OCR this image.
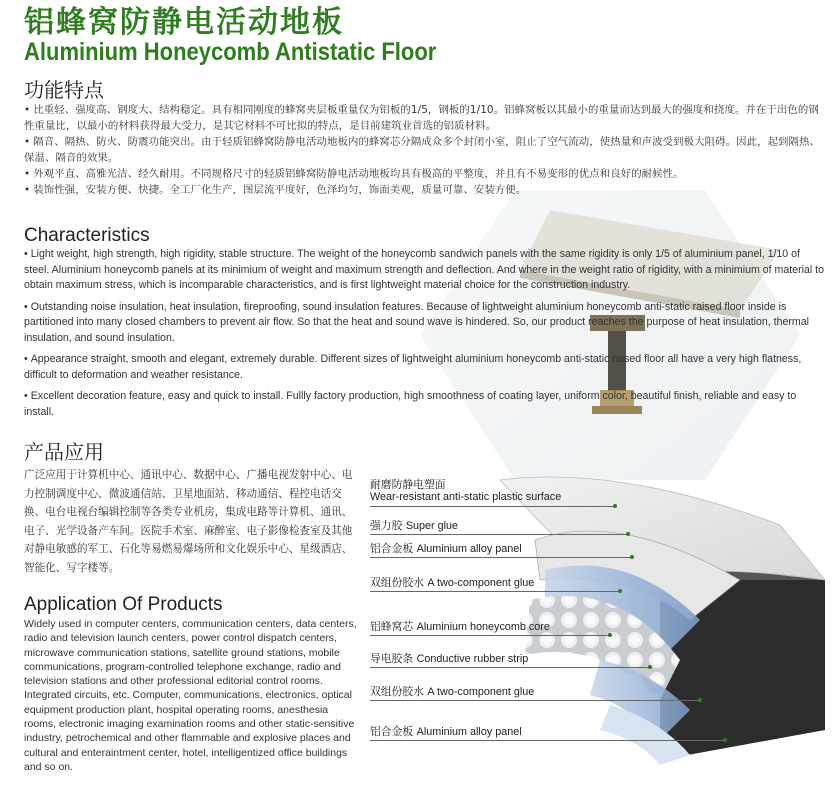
铝蜂窝防静电活动地板
Aluminium Honeycomb Antistatic Floor
功能特点
• 比重轻、强度高、钢度大、结构稳定。具有相同刚度的蜂窝夹层板重量仅为铝板的1/5，钢板的1/10。铝蜂窝板以其最小的重量而达到最大的强度和挠度。并在于出色的钢性重量比，以最小的材料获得最大受力，是其它材料不可比拟的特点，是目前建筑业首选的铝质材料。
• 隔音、隔热、防火、防震功能突出。由于轻质铝蜂窝防静电活动地板内的蜂窝芯分隔成众多个封闭小室，阻止了空气流动，使热量和声波受到极大阻碍。因此，起到隔热、保温、隔音的效果。
• 外观平直、高雅光洁、经久耐用。不同规格尺寸的轻质铝蜂窝防静电活动地板均具有极高的平整度，并且有不易变形的优点和良好的耐候性。
• 装饰性强，安装方便、快捷。全工厂化生产，图层流平度好，色泽均匀，饰面美观，质量可靠、安装方便。
Characteristics
• Light weight, high strength, high rigidity, stable structure. The weight of the honeycomb sandwich panels with the same rigidity is only 1/5 of aluminium panel, 1/10 of steel. Aluminium honeycomb panels at its minimium of weight and maximum strength and deflection. And where in the weight ratio of rigidity, with a minimium of material to obtain maximum stress, which is incomparable characteristics, and is first lightweight material choice for the construction industry.
• Outstanding noise insulation, heat insulation, fireproofing, sound insulation features. Because of lightweight aluminium honeycomb anti-static raised floor inside is partitioned into many closed chambers to prevent air flow. So that the heat and sound wave is hindered. So, our product reaches the purpose of heat insulation, thermal insulation, and sound insulation.
• Appearance straight, smooth and elegant, extremely durable. Different sizes of lightweight aluminium honeycomb anti-static raised floor all have a very high flatness, difficult to deformation and weather resistance.
• Excellent decoration feature, easy and quick to install. Fullly factory production, high smoothness of coating layer, uniform color, beautiful finish, reliable and easy to install.
产品应用

广泛应用于计算机中心、通讯中心、数据中心、广播电视发射中心、电力控制调度中心、微波通信站、卫星地面站、移动通信、程控电话交换、电台电视台编辑控制等各类专业机房，集成电路等计算机、通讯、电子、光学设备产车间。医院手术室、麻醉室、电子影像检查室及其他对静电敏感的军工、石化等易燃易爆场所和文化娱乐中心、星级酒店、智能化、写字楼等。

Application Of Products

Widely used in computer centers, communication centers, data centers, radio and television launch centers, power control dispatch centers, microwave communication stations, satellite ground stations, mobile communications, program-controlled telephone exchange, radio and television stations and other professional editorial control rooms. Integrated circuits, etc. Computer, communications, electronics, optical equipment production plant, hospital operating rooms, anesthesia rooms, electronic imaging examination rooms and other static-sensitive industry, petrochemical and other flammable and explosive places and cultural and enteraintment center, hotel, intelligentized office buildings and so on.

耐磨防静电塑面
Wear-resistant anti-static plastic surface
强力胶 Super glue
铝合金板 Aluminium alloy panel
双组份胶水 A two-component glue
铝蜂窝芯 Aluminium honeycomb core
导电胶条 Conductive rubber strip
双组份胶水 A two-component glue
铝合金板 Aluminium alloy panel
